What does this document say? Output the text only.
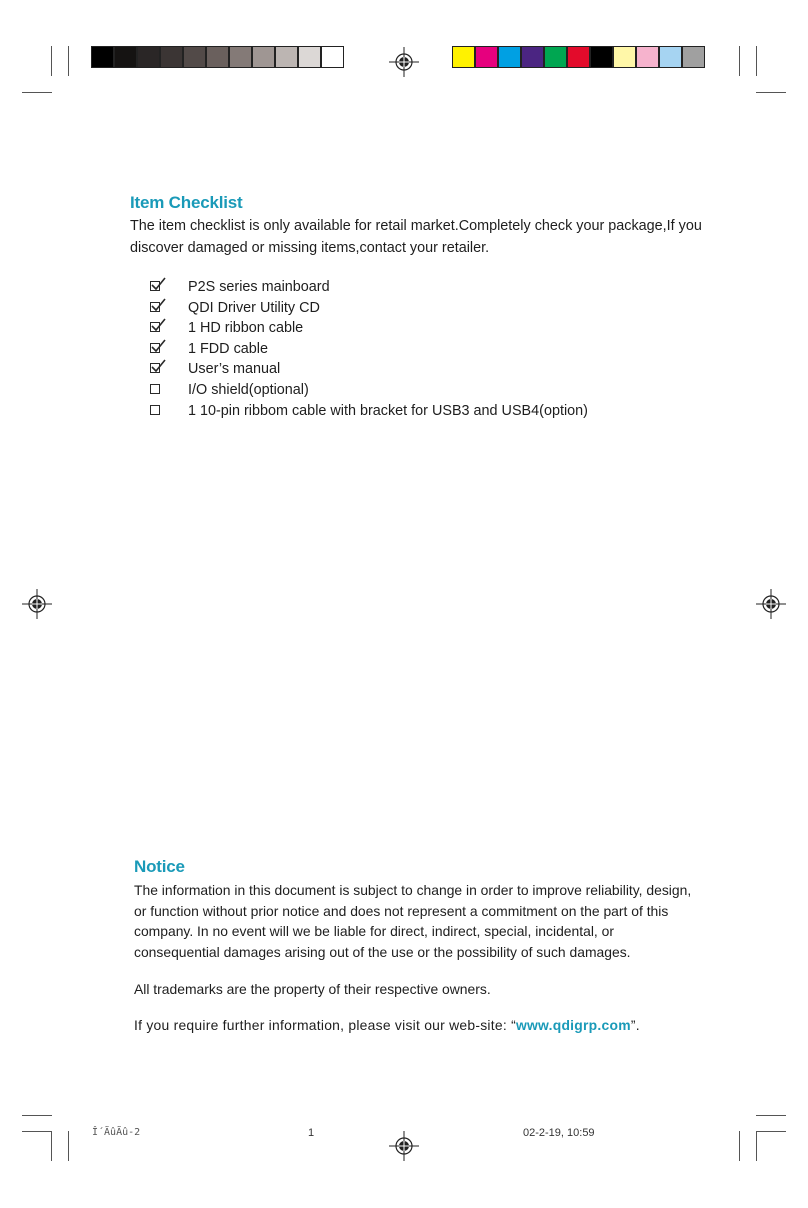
Item Checklist
The item checklist is only available for retail market.Completely check your package,If you discover damaged or missing items,contact your retailer.
P2S series mainboard
QDI Driver Utility CD
1 HD ribbon cable
1 FDD cable
User’s manual
I/O shield(optional)
1 10-pin ribbom cable with bracket for USB3 and USB4(option)
Notice
The information in this document is subject to change in order to improve reliability, design, or function without prior notice and does not represent a commitment on the part of this company. In no event will we be liable for direct, indirect, special, incidental, or consequential damages arising out of the use or the possibility of such damages.
All trademarks are the property of their respective owners.
If you require further information, please visit our web-site: “www.qdigrp.com”.
Î´ÃûÃû-2	1	02-2-19, 10:59
